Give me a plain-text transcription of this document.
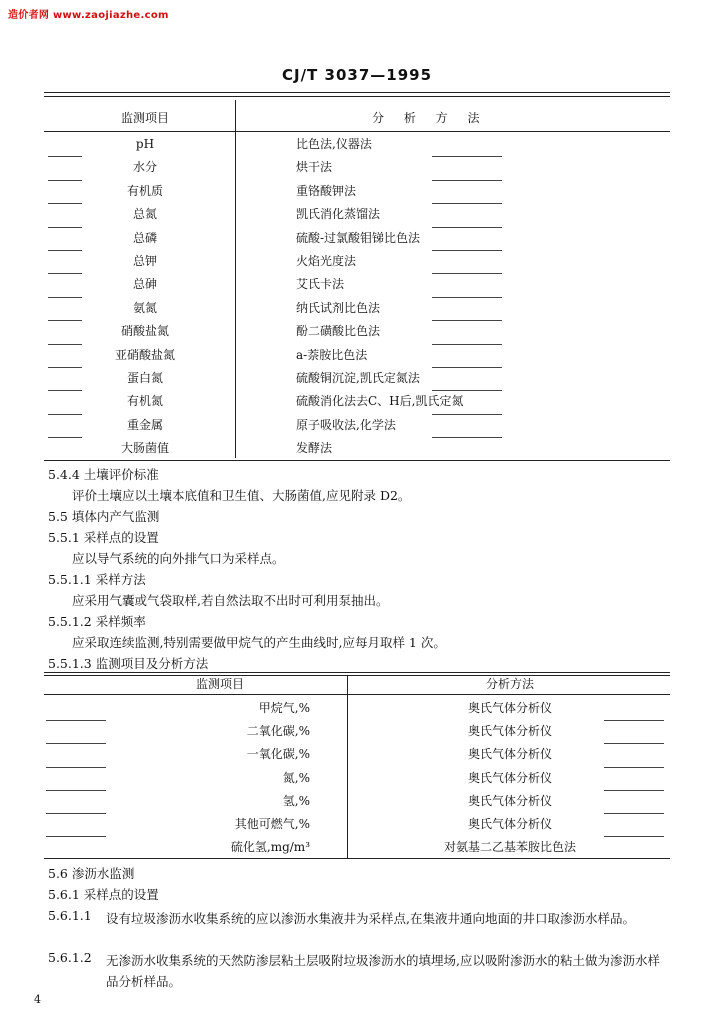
造价者网 www.zaojiazhe.com
CJ/T 3037—1995
监测项目	分 析 方 法
pH	比色法,仪器法
水分	烘干法
有机质	重铬酸钾法
总氮	凯氏消化蒸馏法
总磷	硫酸-过氯酸钼锑比色法
总钾	火焰光度法
总砷	艾氏卡法
氨氮	纳氏试剂比色法
硝酸盐氮	酚二磺酸比色法
亚硝酸盐氮	a-萘胺比色法
蛋白氮	硫酸铜沉淀,凯氏定氮法
有机氮	硫酸消化法去C、H后,凯氏定氮
重金属	原子吸收法,化学法
大肠菌值	发酵法
5.4.4 土壤评价标准
评价土壤应以土壤本底值和卫生值、大肠菌值,应见附录 D2。
5.5 填体内产气监测
5.5.1 采样点的设置
应以导气系统的向外排气口为采样点。
5.5.1.1 采样方法
应采用气囊或气袋取样,若自然法取不出时可利用泵抽出。
5.5.1.2 采样频率
应采取连续监测,特别需要做甲烷气的产生曲线时,应每月取样 1 次。
5.5.1.3 监测项目及分析方法
监测项目	分析方法
甲烷气,%	奥氏气体分析仪
二氧化碳,%	奥氏气体分析仪
一氧化碳,%	奥氏气体分析仪
氮,%	奥氏气体分析仪
氢,%	奥氏气体分析仪
其他可燃气,%	奥氏气体分析仪
硫化氢,mg/m³	对氨基二乙基苯胺比色法
5.6 渗沥水监测
5.6.1 采样点的设置
5.6.1.1 设有垃圾渗沥水收集系统的应以渗沥水集液井为采样点,在集液井通向地面的井口取渗沥水样品。
5.6.1.2 无渗沥水收集系统的天然防渗层粘土层吸附垃圾渗沥水的填埋场,应以吸附渗沥水的粘土做为渗沥水样品分析样品。
4
